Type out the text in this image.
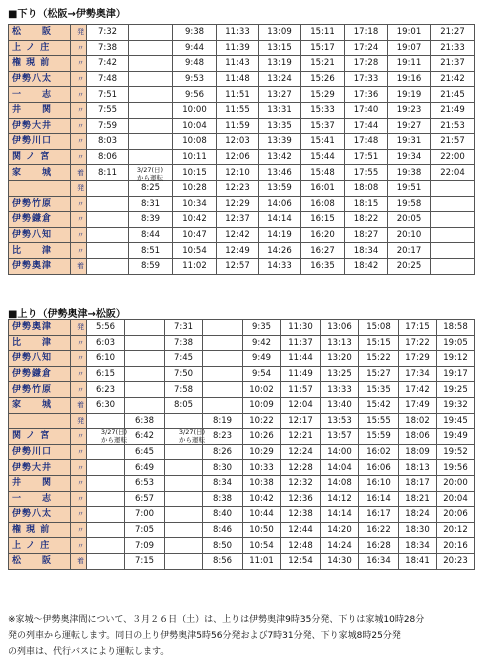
■下り（松阪→伊勢奥津）
松　　阪	発	7:32		9:38	11:33	13:09	15:11	17:18	19:01	21:27
上 ノ 庄	〃	7:38		9:44	11:39	13:15	15:17	17:24	19:07	21:33
権 現 前	〃	7:42		9:48	11:43	13:19	15:21	17:28	19:11	21:37
伊勢八太	〃	7:48		9:53	11:48	13:24	15:26	17:33	19:16	21:42
一　　志	〃	7:51		9:56	11:51	13:27	15:29	17:36	19:19	21:45
井　　関	〃	7:55		10:00	11:55	13:31	15:33	17:40	19:23	21:49
伊勢大井	〃	7:59		10:04	11:59	13:35	15:37	17:44	19:27	21:53
伊勢川口	〃	8:03		10:08	12:03	13:39	15:41	17:48	19:31	21:57
関 ノ 宮	〃	8:06		10:11	12:06	13:42	15:44	17:51	19:34	22:00
家　　城	着	8:11		10:15	12:10	13:46	15:48	17:55	19:38	22:04
	発		8:25	10:28	12:23	13:59	16:01	18:08	19:51	
伊勢竹原	〃		8:31	10:34	12:29	14:06	16:08	18:15	19:58	
伊勢鎌倉	〃		8:39	10:42	12:37	14:14	16:15	18:22	20:05	
伊勢八知	〃		8:44	10:47	12:42	14:19	16:20	18:27	20:10	
比　　津	〃		8:51	10:54	12:49	14:26	16:27	18:34	20:17	
伊勢奥津	着		8:59	11:02	12:57	14:33	16:35	18:42	20:25	
3/27(日)
から運転
■上り（伊勢奥津→松阪）
伊勢奥津	発	5:56		7:31		9:35	11:30	13:06	15:08	17:15	18:58
比　　津	〃	6:03		7:38		9:42	11:37	13:13	15:15	17:22	19:05
伊勢八知	〃	6:10		7:45		9:49	11:44	13:20	15:22	17:29	19:12
伊勢鎌倉	〃	6:15		7:50		9:54	11:49	13:25	15:27	17:34	19:17
伊勢竹原	〃	6:23		7:58		10:02	11:57	13:33	15:35	17:42	19:25
家　　城	着	6:30		8:05		10:09	12:04	13:40	15:42	17:49	19:32
	発		6:38		8:19	10:22	12:17	13:53	15:55	18:02	19:45
関 ノ 宮	〃		6:42		8:23	10:26	12:21	13:57	15:59	18:06	19:49
伊勢川口	〃		6:45		8:26	10:29	12:24	14:00	16:02	18:09	19:52
伊勢大井	〃		6:49		8:30	10:33	12:28	14:04	16:06	18:13	19:56
井　　関	〃		6:53		8:34	10:38	12:32	14:08	16:10	18:17	20:00
一　　志	〃		6:57		8:38	10:42	12:36	14:12	16:14	18:21	20:04
伊勢八太	〃		7:00		8:40	10:44	12:38	14:14	16:17	18:24	20:06
権 現 前	〃		7:05		8:46	10:50	12:44	14:20	16:22	18:30	20:12
上 ノ 庄	〃		7:09		8:50	10:54	12:48	14:24	16:28	18:34	20:16
松　　阪	着		7:15		8:56	11:01	12:54	14:30	16:34	18:41	20:23
3/27(日)
から運転
3/27(日)
から運転
※家城～伊勢奥津間について、３月２６日（土）は、上りは伊勢奥津9時35分発、下りは家城10時28分
発の列車から運転します。同日の上り伊勢奥津5時56分発および7時31分発、下り家城8時25分発
の列車は、代行バスにより運転します。
